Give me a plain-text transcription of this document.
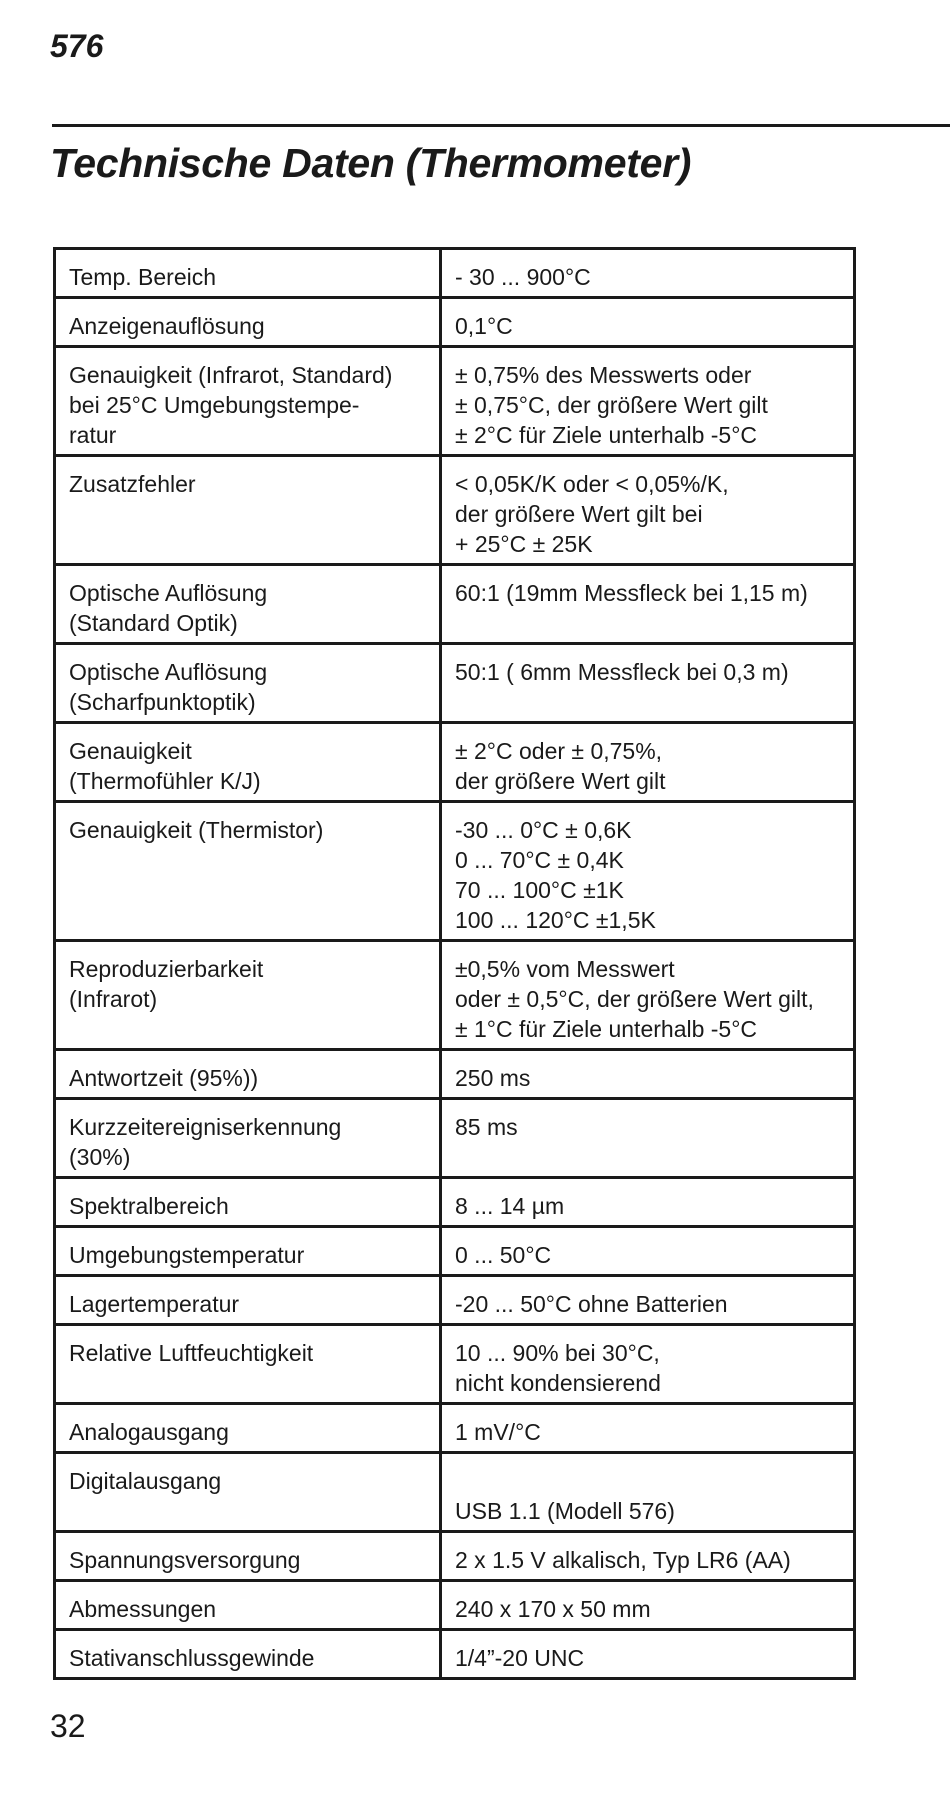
576
Technische Daten (Thermometer)
Temp. Bereich	- 30 ... 900°C

Anzeigenauflösung	0,1°C

Genauigkeit (Infrarot, Standard)
bei 25°C Umgebungstempe-
ratur	± 0,75% des Messwerts oder
± 0,75°C, der größere Wert gilt
± 2°C für Ziele unterhalb -5°C

Zusatzfehler	< 0,05K/K oder < 0,05%/K,
der größere Wert gilt bei
+ 25°C ± 25K

Optische Auflösung
(Standard Optik)	60:1 (19mm Messfleck bei 1,15 m)

Optische Auflösung
(Scharfpunktoptik)	50:1 ( 6mm Messfleck bei 0,3 m)

Genauigkeit
(Thermofühler K/J)	± 2°C oder ± 0,75%,
der größere Wert gilt

Genauigkeit (Thermistor)	-30 ... 0°C ± 0,6K
0 ... 70°C ± 0,4K
70 ... 100°C ±1K
100 ... 120°C ±1,5K

Reproduzierbarkeit
(Infrarot)	±0,5% vom Messwert
oder ± 0,5°C, der größere Wert gilt,
± 1°C für Ziele unterhalb -5°C

Antwortzeit (95%))	250 ms

Kurzzeitereigniserkennung
(30%)	85 ms

Spektralbereich	8 ... 14 µm

Umgebungstemperatur	0 ... 50°C

Lagertemperatur	-20 ... 50°C ohne Batterien

Relative Luftfeuchtigkeit	10 ... 90% bei 30°C,
nicht kondensierend

Analogausgang	1 mV/°C

Digitalausgang	USB 1.1 (Modell 576)

Spannungsversorgung	2 x 1.5 V alkalisch, Typ LR6 (AA)

Abmessungen	240 x 170 x 50 mm

Stativanschlussgewinde	1/4”-20 UNC
32
